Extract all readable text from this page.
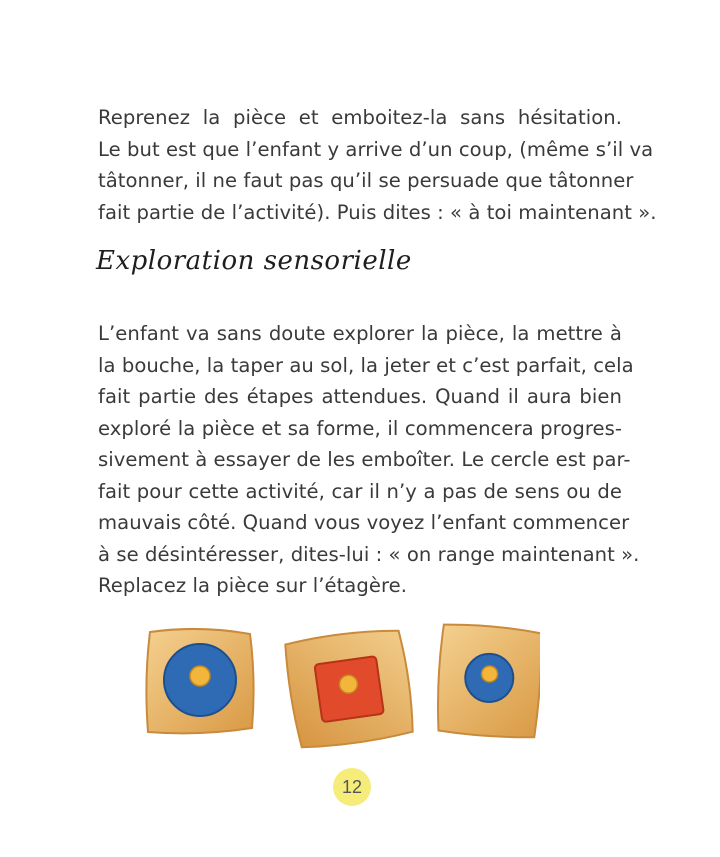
Reprenez la pièce et emboitez-la sans hésitation.
Le but est que l’enfant y arrive d’un coup, (même s’il va
tâtonner, il ne faut pas qu’il se persuade que tâtonner
fait partie de l’activité). Puis dites : « à toi maintenant ».
Exploration sensorielle
L’enfant va sans doute explorer la pièce, la mettre à
la bouche, la taper au sol, la jeter et c’est parfait, cela
fait partie des étapes attendues. Quand il aura bien
exploré la pièce et sa forme, il commencera progres-
sivement à essayer de les emboîter. Le cercle est par-
fait pour cette activité, car il n’y a pas de sens ou de
mauvais côté. Quand vous voyez l’enfant commencer
à se désintéresser, dites-lui : « on range maintenant ».
Replacez la pièce sur l’étagère.
12
